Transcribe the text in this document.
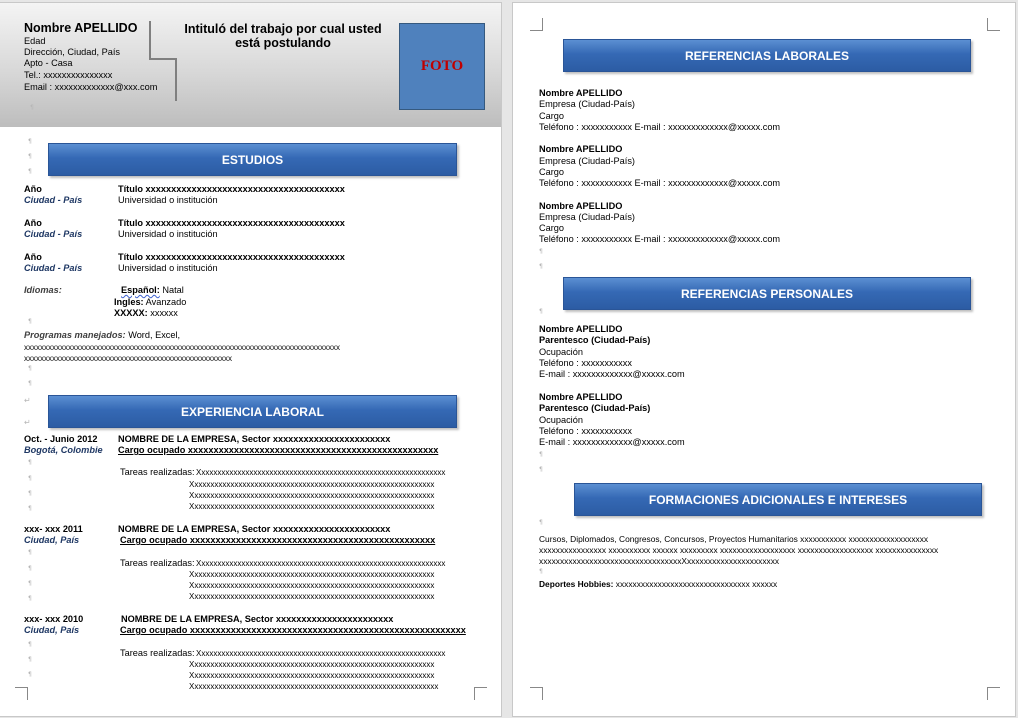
Nombre APELLIDO
Edad
Dirección, Ciudad, País
Apto - Casa
Tel.: xxxxxxxxxxxxxxx
Email : xxxxxxxxxxxxx@xxx.com
Intituló del trabajo por cual usted está postulando
FOTO
ESTUDIOS
Año
Ciudad - País
Título xxxxxxxxxxxxxxxxxxxxxxxxxxxxxxxxxxxxxxx
Universidad o institución
Año
Ciudad - País
Título xxxxxxxxxxxxxxxxxxxxxxxxxxxxxxxxxxxxxxx
Universidad o institución
Año
Ciudad - País
Título xxxxxxxxxxxxxxxxxxxxxxxxxxxxxxxxxxxxxxx
Universidad o institución
Idiomas:	Español: Natal
Ingles: Avanzado
XXXXX: xxxxxx
Programas manejados: Word, Excel,
xxxxxxxxxxxxxxxxxxxxxxxxxxxxxxxxxxxxxxxxxxxxxxxxxxxxxxxxxxxxxxxxxxxxxxxxxxxxxxx
xxxxxxxxxxxxxxxxxxxxxxxxxxxxxxxxxxxxxxxxxxxxxxxxxxxx
EXPERIENCIA LABORAL
Oct. - Junio 2012
Bogotá, Colombie
NOMBRE DE LA EMPRESA, Sector xxxxxxxxxxxxxxxxxxxxxxx
Cargo ocupado xxxxxxxxxxxxxxxxxxxxxxxxxxxxxxxxxxxxxxxxxxxxxxxxx
Tareas realizadas: Xxxxxxxxxxxxxxxxxxxxxxxxxxxxxxxxxxxxxxxxxxxxxxxxxxxxxxxxxxxxxx
Xxxxxxxxxxxxxxxxxxxxxxxxxxxxxxxxxxxxxxxxxxxxxxxxxxxxxxxxxxxxx
Xxxxxxxxxxxxxxxxxxxxxxxxxxxxxxxxxxxxxxxxxxxxxxxxxxxxxxxxxxxxx
Xxxxxxxxxxxxxxxxxxxxxxxxxxxxxxxxxxxxxxxxxxxxxxxxxxxxxxxxxxxxx
xxx- xxx 2011
Ciudad, País
NOMBRE DE LA EMPRESA, Sector xxxxxxxxxxxxxxxxxxxxxxx
Cargo ocupado xxxxxxxxxxxxxxxxxxxxxxxxxxxxxxxxxxxxxxxxxxxxxxxx
Tareas realizadas: Xxxxxxxxxxxxxxxxxxxxxxxxxxxxxxxxxxxxxxxxxxxxxxxxxxxxxxxxxxxxxx
Xxxxxxxxxxxxxxxxxxxxxxxxxxxxxxxxxxxxxxxxxxxxxxxxxxxxxxxxxxxxx
Xxxxxxxxxxxxxxxxxxxxxxxxxxxxxxxxxxxxxxxxxxxxxxxxxxxxxxxxxxxxx
Xxxxxxxxxxxxxxxxxxxxxxxxxxxxxxxxxxxxxxxxxxxxxxxxxxxxxxxxxxxxx
xxx- xxx 2010
Ciudad, País
NOMBRE DE LA EMPRESA, Sector xxxxxxxxxxxxxxxxxxxxxxx
Cargo ocupado xxxxxxxxxxxxxxxxxxxxxxxxxxxxxxxxxxxxxxxxxxxxxxxxxxxxxx
Tareas realizadas: Xxxxxxxxxxxxxxxxxxxxxxxxxxxxxxxxxxxxxxxxxxxxxxxxxxxxxxxxxxxxxx
Xxxxxxxxxxxxxxxxxxxxxxxxxxxxxxxxxxxxxxxxxxxxxxxxxxxxxxxxxxxxx
Xxxxxxxxxxxxxxxxxxxxxxxxxxxxxxxxxxxxxxxxxxxxxxxxxxxxxxxxxxxxx
Xxxxxxxxxxxxxxxxxxxxxxxxxxxxxxxxxxxxxxxxxxxxxxxxxxxxxxxxxxxxxx
¶
¶
¶
¶
¶
¶
¶
↵
↵
¶
¶
¶
¶
¶
¶
¶
¶
¶
¶
¶
REFERENCIAS LABORALES
Nombre APELLIDO
Empresa (Ciudad-País)
Cargo
Teléfono : xxxxxxxxxxx E-mail : xxxxxxxxxxxxx@xxxxx.com
Nombre APELLIDO
Empresa (Ciudad-País)
Cargo
Teléfono : xxxxxxxxxxx E-mail : xxxxxxxxxxxxx@xxxxx.com
Nombre APELLIDO
Empresa (Ciudad-País)
Cargo
Teléfono : xxxxxxxxxxx E-mail : xxxxxxxxxxxxx@xxxxx.com
REFERENCIAS PERSONALES
Nombre APELLIDO
Parentesco (Ciudad-País)
Ocupación
Teléfono : xxxxxxxxxxx
E-mail : xxxxxxxxxxxxx@xxxxx.com
Nombre APELLIDO
Parentesco (Ciudad-País)
Ocupación
Teléfono : xxxxxxxxxxx
E-mail : xxxxxxxxxxxxx@xxxxx.com
FORMACIONES ADICIONALES E INTERESES
Cursos, Diplomados, Congresos, Concursos, Proyectos Humanitarios xxxxxxxxxxx xxxxxxxxxxxxxxxxxxx
xxxxxxxxxxxxxxxx xxxxxxxxxx xxxxxx xxxxxxxxx xxxxxxxxxxxxxxxxxx xxxxxxxxxxxxxxxxxx xxxxxxxxxxxxxxx
xxxxxxxxxxxxxxxxxxxxxxxxxxxxxxxxxxXxxxxxxxxxxxxxxxxxxxxxx
Deportes Hobbies: xxxxxxxxxxxxxxxxxxxxxxxxxxxxxxxx xxxxxx
¶
¶
¶
¶
¶
¶
¶
